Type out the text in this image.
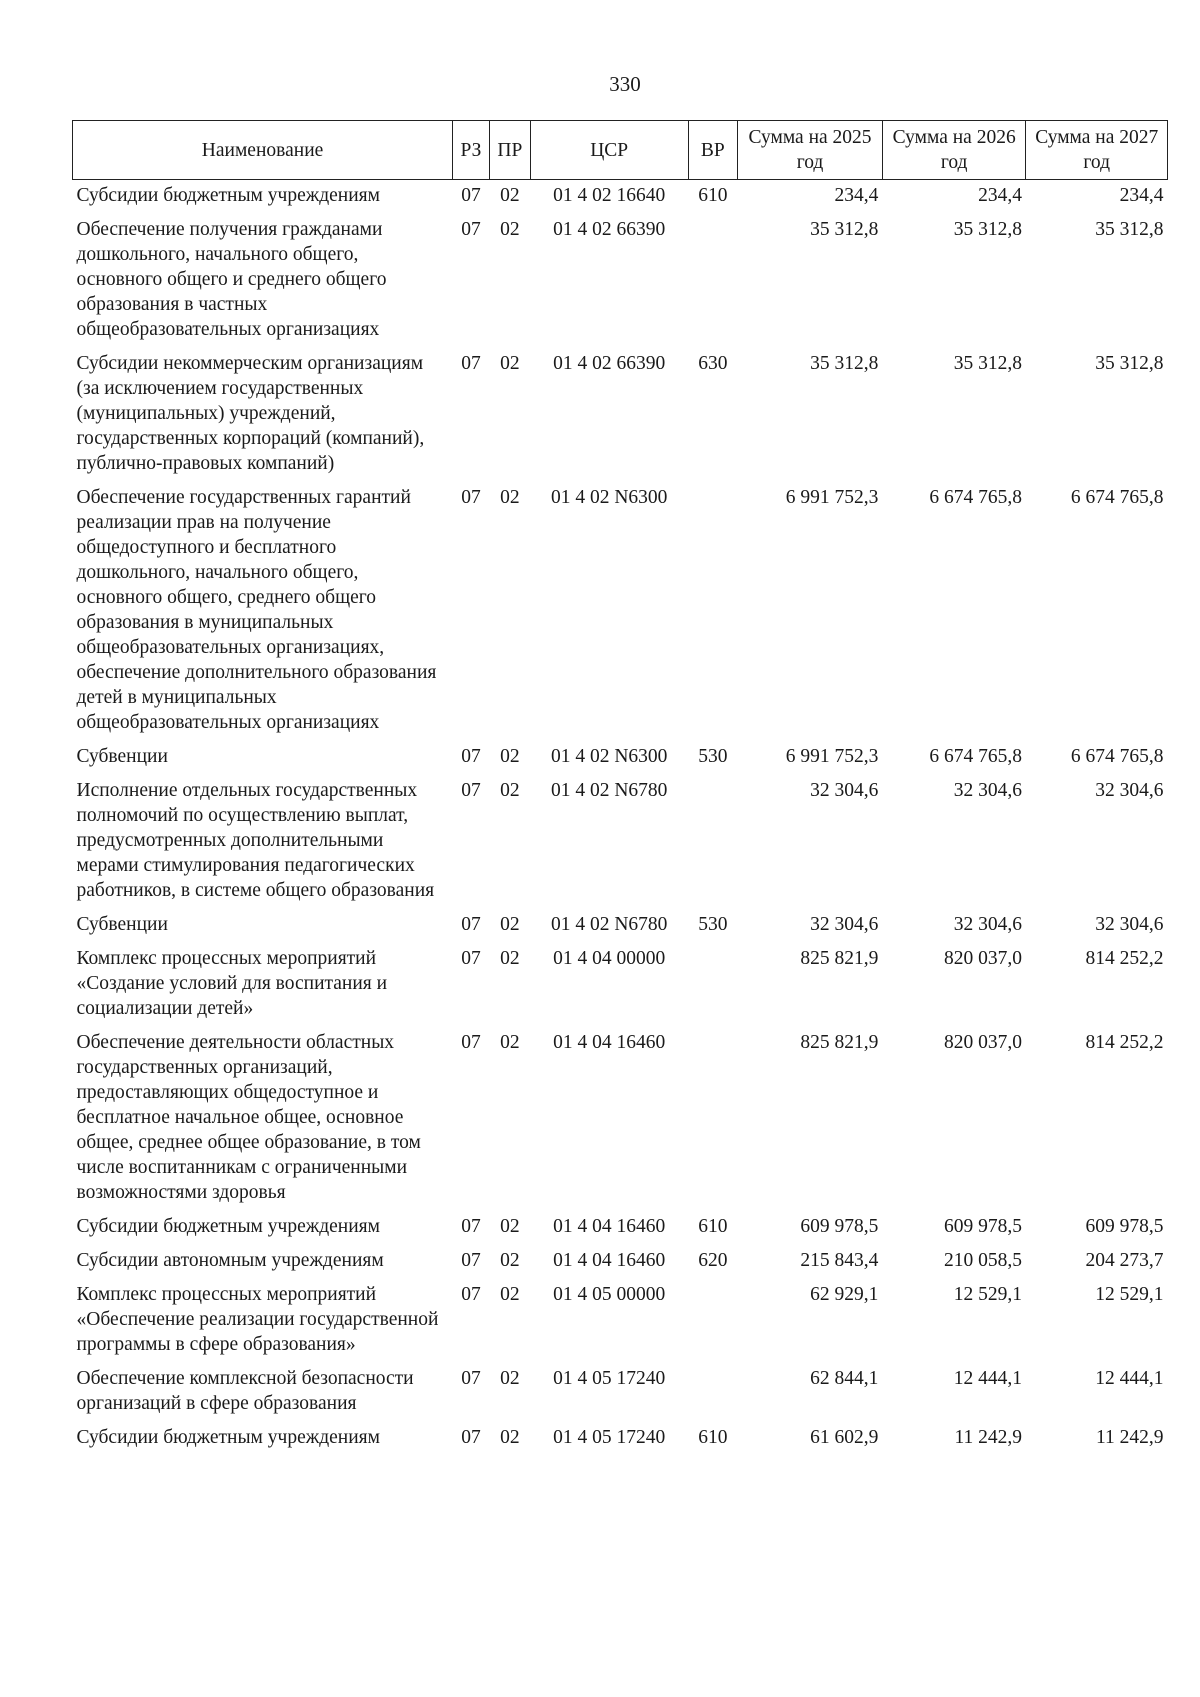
330
Наименование	РЗ	ПР	ЦСР	ВР	Сумма на 2025 год	Сумма на 2026 год	Сумма на 2027 год
Субсидии бюджетным учреждениям	07	02	01 4 02 16640	610	234,4	234,4	234,4
Обеспечение получения гражданами дошкольного, начального общего, основного общего и среднего общего образования в частных общеобразовательных организациях	07	02	01 4 02 66390		35 312,8	35 312,8	35 312,8
Субсидии некоммерческим организациям (за исключением государственных (муниципальных) учреждений, государственных корпораций (компаний), публично-правовых компаний)	07	02	01 4 02 66390	630	35 312,8	35 312,8	35 312,8
Обеспечение государственных гарантий реализации прав на получение общедоступного и бесплатного дошкольного, начального общего, основного общего, среднего общего образования в муниципальных общеобразовательных организациях, обеспечение дополнительного образования детей в муниципальных общеобразовательных организациях	07	02	01 4 02 N6300		6 991 752,3	6 674 765,8	6 674 765,8
Субвенции	07	02	01 4 02 N6300	530	6 991 752,3	6 674 765,8	6 674 765,8
Исполнение отдельных государственных полномочий по осуществлению выплат, предусмотренных дополнительными мерами стимулирования педагогических работников, в системе общего образования	07	02	01 4 02 N6780		32 304,6	32 304,6	32 304,6
Субвенции	07	02	01 4 02 N6780	530	32 304,6	32 304,6	32 304,6
Комплекс процессных мероприятий «Создание условий для воспитания и социализации детей»	07	02	01 4 04 00000		825 821,9	820 037,0	814 252,2
Обеспечение деятельности областных государственных организаций, предоставляющих общедоступное и бесплатное начальное общее, основное общее, среднее общее образование, в том числе воспитанникам с ограниченными возможностями здоровья	07	02	01 4 04 16460		825 821,9	820 037,0	814 252,2
Субсидии бюджетным учреждениям	07	02	01 4 04 16460	610	609 978,5	609 978,5	609 978,5
Субсидии автономным учреждениям	07	02	01 4 04 16460	620	215 843,4	210 058,5	204 273,7
Комплекс процессных мероприятий «Обеспечение реализации государственной программы в сфере образования»	07	02	01 4 05 00000		62 929,1	12 529,1	12 529,1
Обеспечение комплексной безопасности организаций в сфере образования	07	02	01 4 05 17240		62 844,1	12 444,1	12 444,1
Субсидии бюджетным учреждениям	07	02	01 4 05 17240	610	61 602,9	11 242,9	11 242,9
